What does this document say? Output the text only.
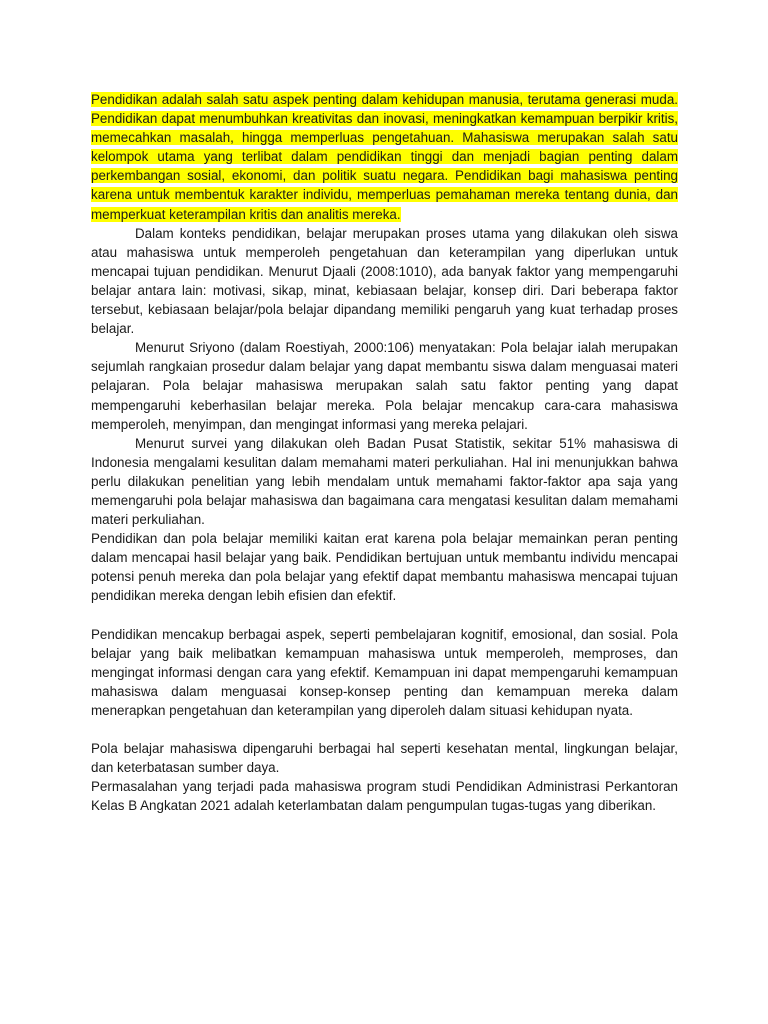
Pendidikan adalah salah satu aspek penting dalam kehidupan manusia, terutama generasi muda. Pendidikan dapat menumbuhkan kreativitas dan inovasi, meningkatkan kemampuan berpikir kritis, memecahkan masalah, hingga memperluas pengetahuan. Mahasiswa merupakan salah satu kelompok utama yang terlibat dalam pendidikan tinggi dan menjadi bagian penting dalam perkembangan sosial, ekonomi, dan politik suatu negara. Pendidikan bagi mahasiswa penting karena untuk membentuk karakter individu, memperluas pemahaman mereka tentang dunia, dan memperkuat keterampilan kritis dan analitis mereka.

Dalam konteks pendidikan, belajar merupakan proses utama yang dilakukan oleh siswa atau mahasiswa untuk memperoleh pengetahuan dan keterampilan yang diperlukan untuk mencapai tujuan pendidikan. Menurut Djaali (2008:1010), ada banyak faktor yang mempengaruhi belajar antara lain: motivasi, sikap, minat, kebiasaan belajar, konsep diri. Dari beberapa faktor tersebut, kebiasaan belajar/pola belajar dipandang memiliki pengaruh yang kuat terhadap proses belajar.

Menurut Sriyono (dalam Roestiyah, 2000:106) menyatakan: Pola belajar ialah merupakan sejumlah rangkaian prosedur dalam belajar yang dapat membantu siswa dalam menguasai materi pelajaran. Pola belajar mahasiswa merupakan salah satu faktor penting yang dapat mempengaruhi keberhasilan belajar mereka. Pola belajar mencakup cara-cara mahasiswa memperoleh, menyimpan, dan mengingat informasi yang mereka pelajari.

Menurut survei yang dilakukan oleh Badan Pusat Statistik, sekitar 51% mahasiswa di Indonesia mengalami kesulitan dalam memahami materi perkuliahan. Hal ini menunjukkan bahwa perlu dilakukan penelitian yang lebih mendalam untuk memahami faktor-faktor apa saja yang memengaruhi pola belajar mahasiswa dan bagaimana cara mengatasi kesulitan dalam memahami materi perkuliahan.

Pendidikan dan pola belajar memiliki kaitan erat karena pola belajar memainkan peran penting dalam mencapai hasil belajar yang baik. Pendidikan bertujuan untuk membantu individu mencapai potensi penuh mereka dan pola belajar yang efektif dapat membantu mahasiswa mencapai tujuan pendidikan mereka dengan lebih efisien dan efektif.

Pendidikan mencakup berbagai aspek, seperti pembelajaran kognitif, emosional, dan sosial. Pola belajar yang baik melibatkan kemampuan mahasiswa untuk memperoleh, memproses, dan mengingat informasi dengan cara yang efektif. Kemampuan ini dapat mempengaruhi kemampuan mahasiswa dalam menguasai konsep-konsep penting dan kemampuan mereka dalam menerapkan pengetahuan dan keterampilan yang diperoleh dalam situasi kehidupan nyata.

Pola belajar mahasiswa dipengaruhi berbagai hal seperti kesehatan mental, lingkungan belajar, dan keterbatasan sumber daya.

Permasalahan yang terjadi pada mahasiswa program studi Pendidikan Administrasi Perkantoran Kelas B Angkatan 2021 adalah keterlambatan dalam pengumpulan tugas-tugas yang diberikan.
